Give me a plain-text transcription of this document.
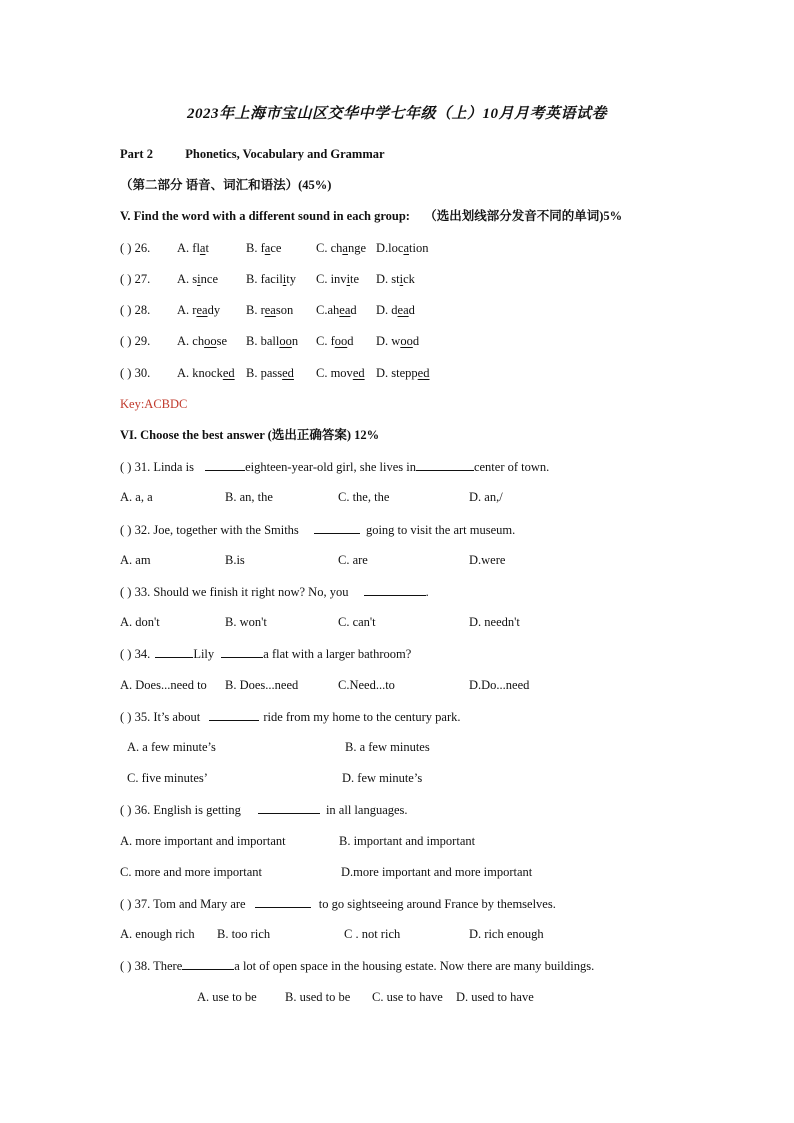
2023年上海市宝山区交华中学七年级（上）10月月考英语试卷
Part 2	Phonetics, Vocabulary and Grammar
（第二部分 语音、词汇和语法）(45%)
V. Find the word with a different sound in each group: （选出划线部分发音不同的单词)5%
( ) 26. A. flat	B. face	C. change D.location
( ) 27. A. since B. facility C. invite D. stick
( ) 28. A. ready B. reason C.ahead D. dead
( ) 29. A. choose B. balloon C. food D. wood
( ) 30. A. knocked B. passed C. moved D. stepped
Key:ACBDC
VI. Choose the best answer (选出正确答案) 12%
( ) 31. Linda is	eighteen-year-old girl, she lives in	center of town.
A. a, a	B. an, the	C. the, the	D. an,/
( ) 32. Joe, together with the Smiths	going to visit the art museum.
A. am	B.is	C. are	D.were
( ) 33. Should we finish it right now? No, you	.
A. don't	B. won't	C. can't	D. needn't
( ) 34.	Lily	a flat with a larger bathroom?
A. Does...need to B. Does...need	C.Need...to	D.Do...need
( ) 35. It’s about	ride from my home to the century park.
A. a few minute’s	B. a few minutes
C. five minutes’	D. few minute’s
( ) 36. English is getting	in all languages.
A. more important and important	B. important and important
C. more and more important	D.more important and more important
( ) 37. Tom and Mary are	to go sightseeing around France by themselves.
A. enough rich B. too rich	C . not rich	D. rich enough
( ) 38. There	a lot of open space in the housing estate. Now there are many buildings.
A. use to be B. used to be C. use to have D. used to have
